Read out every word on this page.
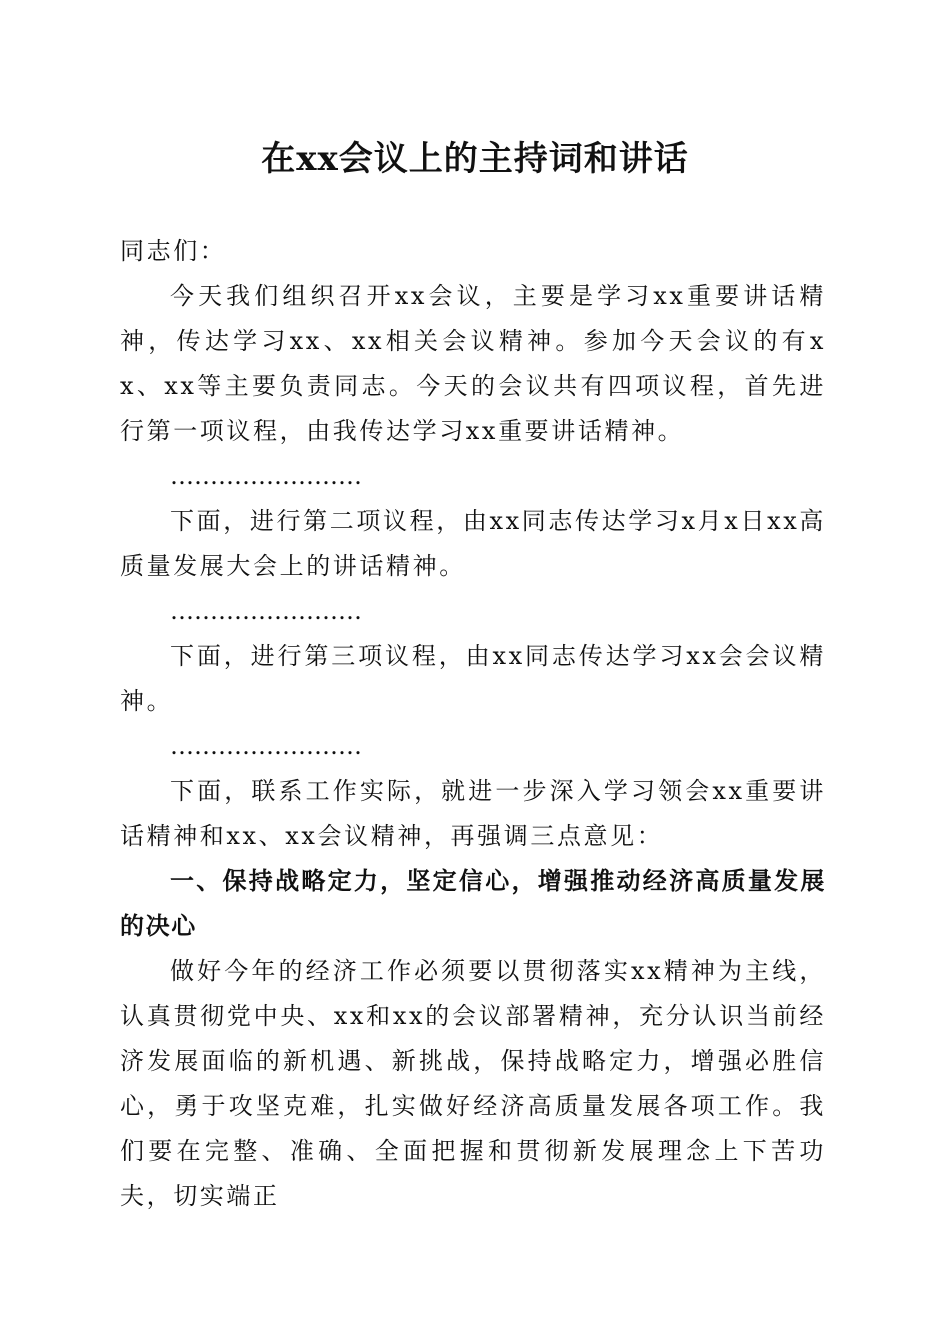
在xx会议上的主持词和讲话

同志们：

今天我们组织召开xx会议，主要是学习xx重要讲话精神，传达学习xx、xx相关会议精神。参加今天会议的有xx、xx等主要负责同志。今天的会议共有四项议程，首先进行第一项议程，由我传达学习xx重要讲话精神。

……………………

下面，进行第二项议程，由xx同志传达学习x月x日xx高质量发展大会上的讲话精神。

……………………

下面，进行第三项议程，由xx同志传达学习xx会会议精神。

……………………

下面，联系工作实际，就进一步深入学习领会xx重要讲话精神和xx、xx会议精神，再强调三点意见：

一、保持战略定力，坚定信心，增强推动经济高质量发展的决心

做好今年的经济工作必须要以贯彻落实xx精神为主线，认真贯彻党中央、xx和xx的会议部署精神，充分认识当前经济发展面临的新机遇、新挑战，保持战略定力，增强必胜信心，勇于攻坚克难，扎实做好经济高质量发展各项工作。我们要在完整、准确、全面把握和贯彻新发展理念上下苦功夫，切实端正
